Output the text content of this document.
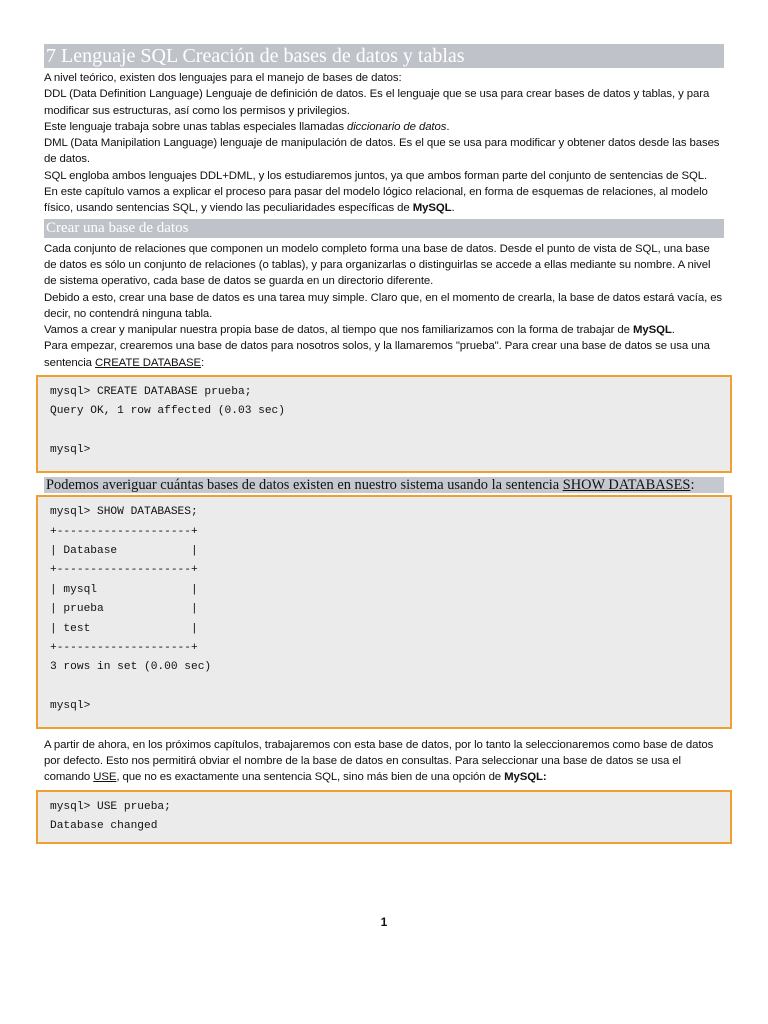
7 Lenguaje SQL Creación de bases de datos y tablas

A nivel teórico, existen dos lenguajes para el manejo de bases de datos:

DDL (Data Definition Language) Lenguaje de definición de datos. Es el lenguaje que se usa para crear bases de datos y tablas, y para modificar sus estructuras, así como los permisos y privilegios.

Este lenguaje trabaja sobre unas tablas especiales llamadas diccionario de datos.

DML (Data Manipilation Language) lenguaje de manipulación de datos. Es el que se usa para modificar y obtener datos desde las bases de datos.

SQL engloba ambos lenguajes DDL+DML, y los estudiaremos juntos, ya que ambos forman parte del conjunto de sentencias de SQL.

En este capítulo vamos a explicar el proceso para pasar del modelo lógico relacional, en forma de esquemas de relaciones, al modelo físico, usando sentencias SQL, y viendo las peculiaridades específicas de MySQL.

Crear una base de datos

Cada conjunto de relaciones que componen un modelo completo forma una base de datos. Desde el punto de vista de SQL, una base de datos es sólo un conjunto de relaciones (o tablas), y para organizarlas o distinguirlas se accede a ellas mediante su nombre. A nivel de sistema operativo, cada base de datos se guarda en un directorio diferente.

Debido a esto, crear una base de datos es una tarea muy simple. Claro que, en el momento de crearla, la base de datos estará vacía, es decir, no contendrá ninguna tabla.

Vamos a crear y manipular nuestra propia base de datos, al tiempo que nos familiarizamos con la forma de trabajar de MySQL.

Para empezar, crearemos una base de datos para nosotros solos, y la llamaremos "prueba". Para crear una base de datos se usa una sentencia CREATE DATABASE:

mysql> CREATE DATABASE prueba;
Query OK, 1 row affected (0.03 sec)

mysql>

Podemos averiguar cuántas bases de datos existen en nuestro sistema usando la sentencia SHOW DATABASES:

mysql> SHOW DATABASES;
+--------------------+
| Database           |
+--------------------+
| mysql              |
| prueba             |
| test               |
+--------------------+
3 rows in set (0.00 sec)

mysql>

A partir de ahora, en los próximos capítulos, trabajaremos con esta base de datos, por lo tanto la seleccionaremos como base de datos por defecto. Esto nos permitirá obviar el nombre de la base de datos en consultas. Para seleccionar una base de datos se usa el comando USE, que no es exactamente una sentencia SQL, sino más bien de una opción de MySQL:

mysql> USE prueba;
Database changed
1
